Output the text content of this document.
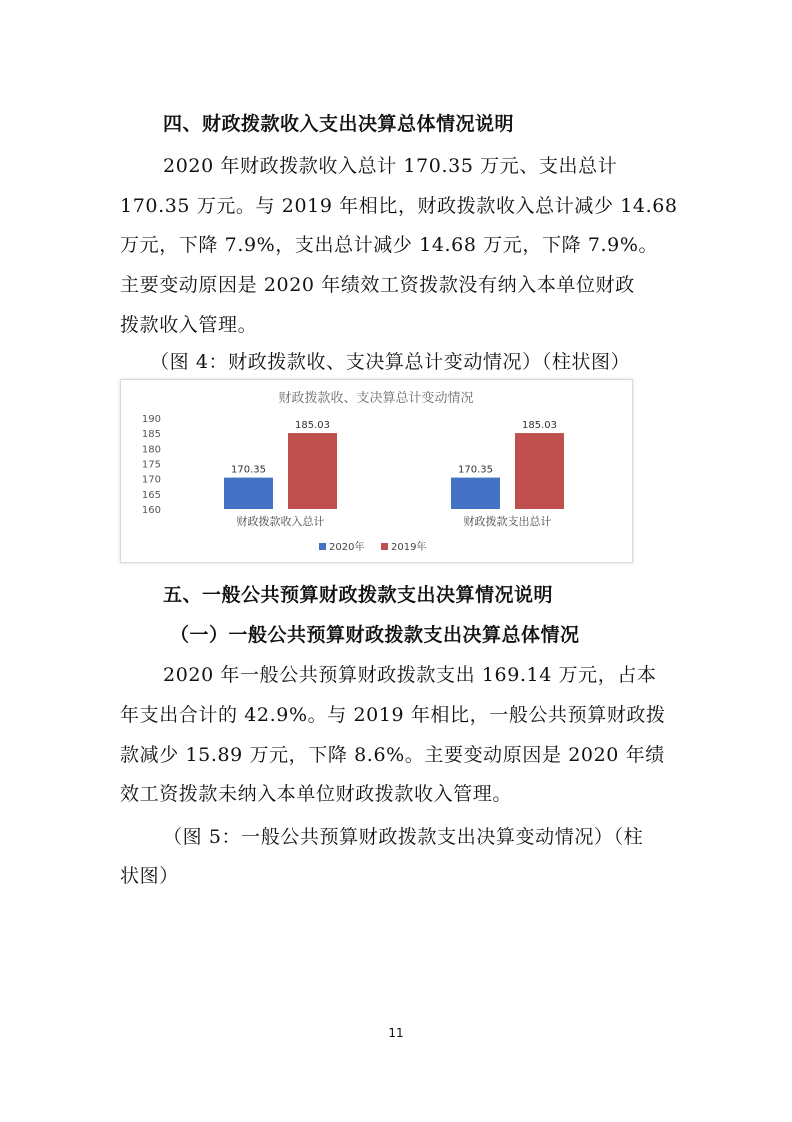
四、财政拨款收入支出决算总体情况说明
2020 年财政拨款收入总计 170.35 万元、支出总计
170.35 万元。与 2019 年相比，财政拨款收入总计减少 14.68
万元，下降 7.9%，支出总计减少 14.68 万元，下降 7.9%。
主要变动原因是 2020 年绩效工资拨款没有纳入本单位财政
拨款收入管理。
（图 4：财政拨款收、支决算总计变动情况）（柱状图）
财政拨款收、支决算总计变动情况
160
165
170
175
180
185
190
170.35
185.03
财政拨款收入总计
170.35
185.03
财政拨款支出总计
2020年	2019年
五、一般公共预算财政拨款支出决算情况说明
（一）一般公共预算财政拨款支出决算总体情况
2020 年一般公共预算财政拨款支出 169.14 万元，占本
年支出合计的 42.9%。与 2019 年相比，一般公共预算财政拨
款减少 15.89 万元，下降 8.6%。主要变动原因是 2020 年绩
效工资拨款未纳入本单位财政拨款收入管理。
（图 5：一般公共预算财政拨款支出决算变动情况）（柱
状图）
11
